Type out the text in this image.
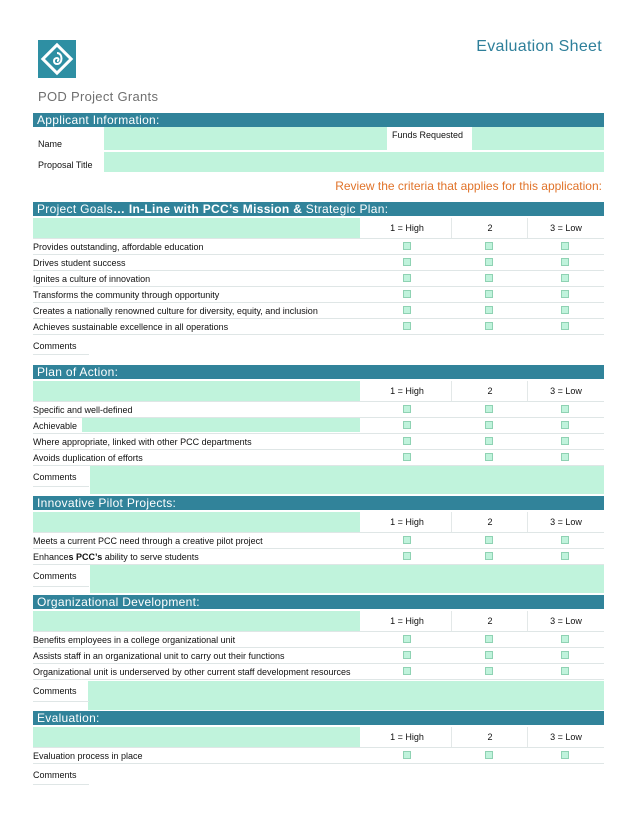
Evaluation Sheet
POD Project Grants
Applicant Information:
Name
Funds Requested
Proposal Title
Review the criteria that applies for this application:
Project Goals… In-Line with PCC’s Mission & Strategic Plan:
1 = High	2	3 = Low
Provides outstanding, affordable education
Drives student success
Ignites a culture of innovation
Transforms the community through opportunity
Creates a nationally renowned culture for diversity, equity, and inclusion
Achieves sustainable excellence in all operations
Comments
Plan of Action:
1 = High	2	3 = Low
Specific and well-defined
Achievable
Where appropriate, linked with other PCC departments
Avoids duplication of efforts
Comments
Innovative Pilot Projects:
1 = High	2	3 = Low
Meets a current PCC need through a creative pilot project
Enhances PCC’s ability to serve students
Comments
Organizational Development:
1 = High	2	3 = Low
Benefits employees in a college organizational unit
Assists staff in an organizational unit to carry out their functions
Organizational unit is underserved by other current staff development resources
Comments
Evaluation:
1 = High	2	3 = Low
Evaluation process in place
Comments
